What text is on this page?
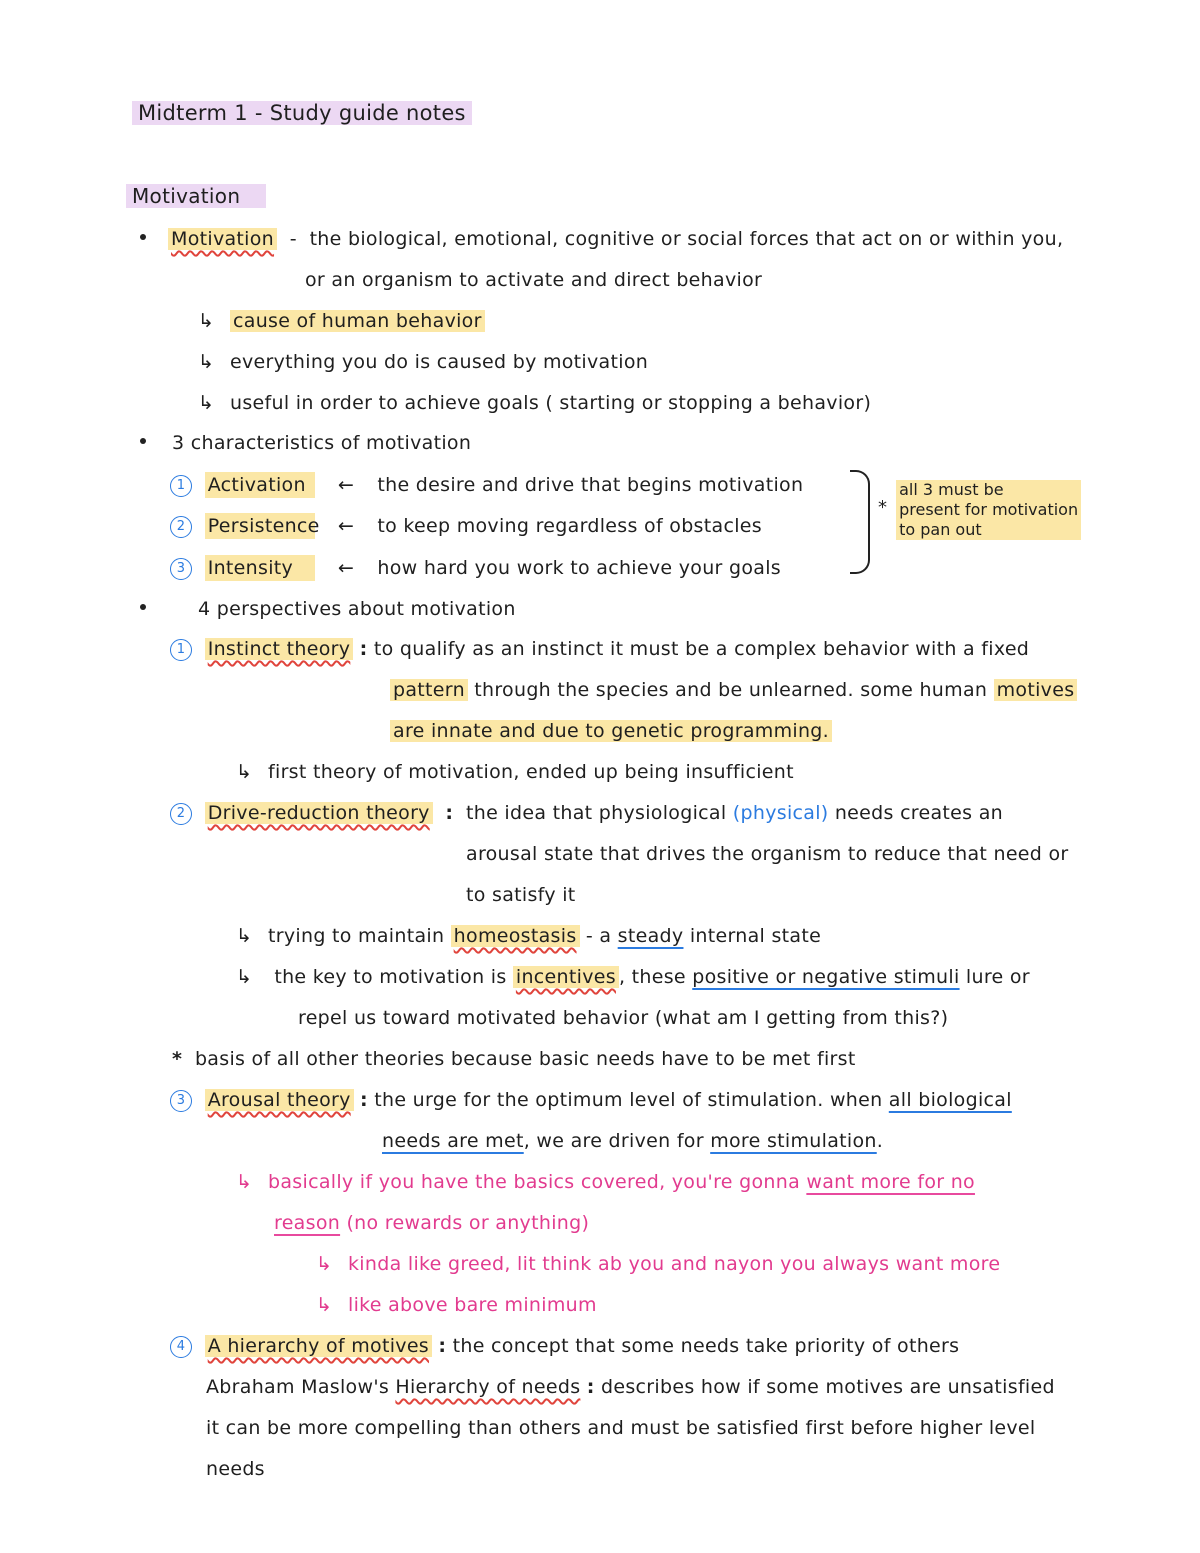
Midterm 1 - Study guide notes
Motivation
Motivation - the biological, emotional, cognitive or social forces that act on or within you,
or an organism to activate and direct behavior
↳ cause of human behavior
↳ everything you do is caused by motivation
↳ useful in order to achieve goals ( starting or stopping a behavior)
3 characteristics of motivation
1 Activation ← the desire and drive that begins motivation
2 Persistence ← to keep moving regardless of obstacles
3 Intensity ← how hard you work to achieve your goals
* all 3 must be
present for motivation
to pan out
4 perspectives about motivation
1 Instinct theory : to qualify as an instinct it must be a complex behavior with a fixed
pattern through the species and be unlearned. some human motives
are innate and due to genetic programming.
↳ first theory of motivation, ended up being insufficient
2 Drive-reduction theory : the idea that physiological (physical) needs creates an
arousal state that drives the organism to reduce that need or
to satisfy it
↳ trying to maintain homeostasis - a steady internal state
↳ the key to motivation is incentives , these positive or negative stimuli lure or
repel us toward motivated behavior (what am I getting from this?)
* basis of all other theories because basic needs have to be met first
3 Arousal theory : the urge for the optimum level of stimulation. when all biological
needs are met, we are driven for more stimulation.
↳ basically if you have the basics covered, you're gonna want more for no
reason (no rewards or anything)
↳ kinda like greed, lit think ab you and nayon you always want more
↳ like above bare minimum
4 A hierarchy of motives : the concept that some needs take priority of others
Abraham Maslow's Hierarchy of needs : describes how if some motives are unsatisfied
it can be more compelling than others and must be satisfied first before higher level
needs
